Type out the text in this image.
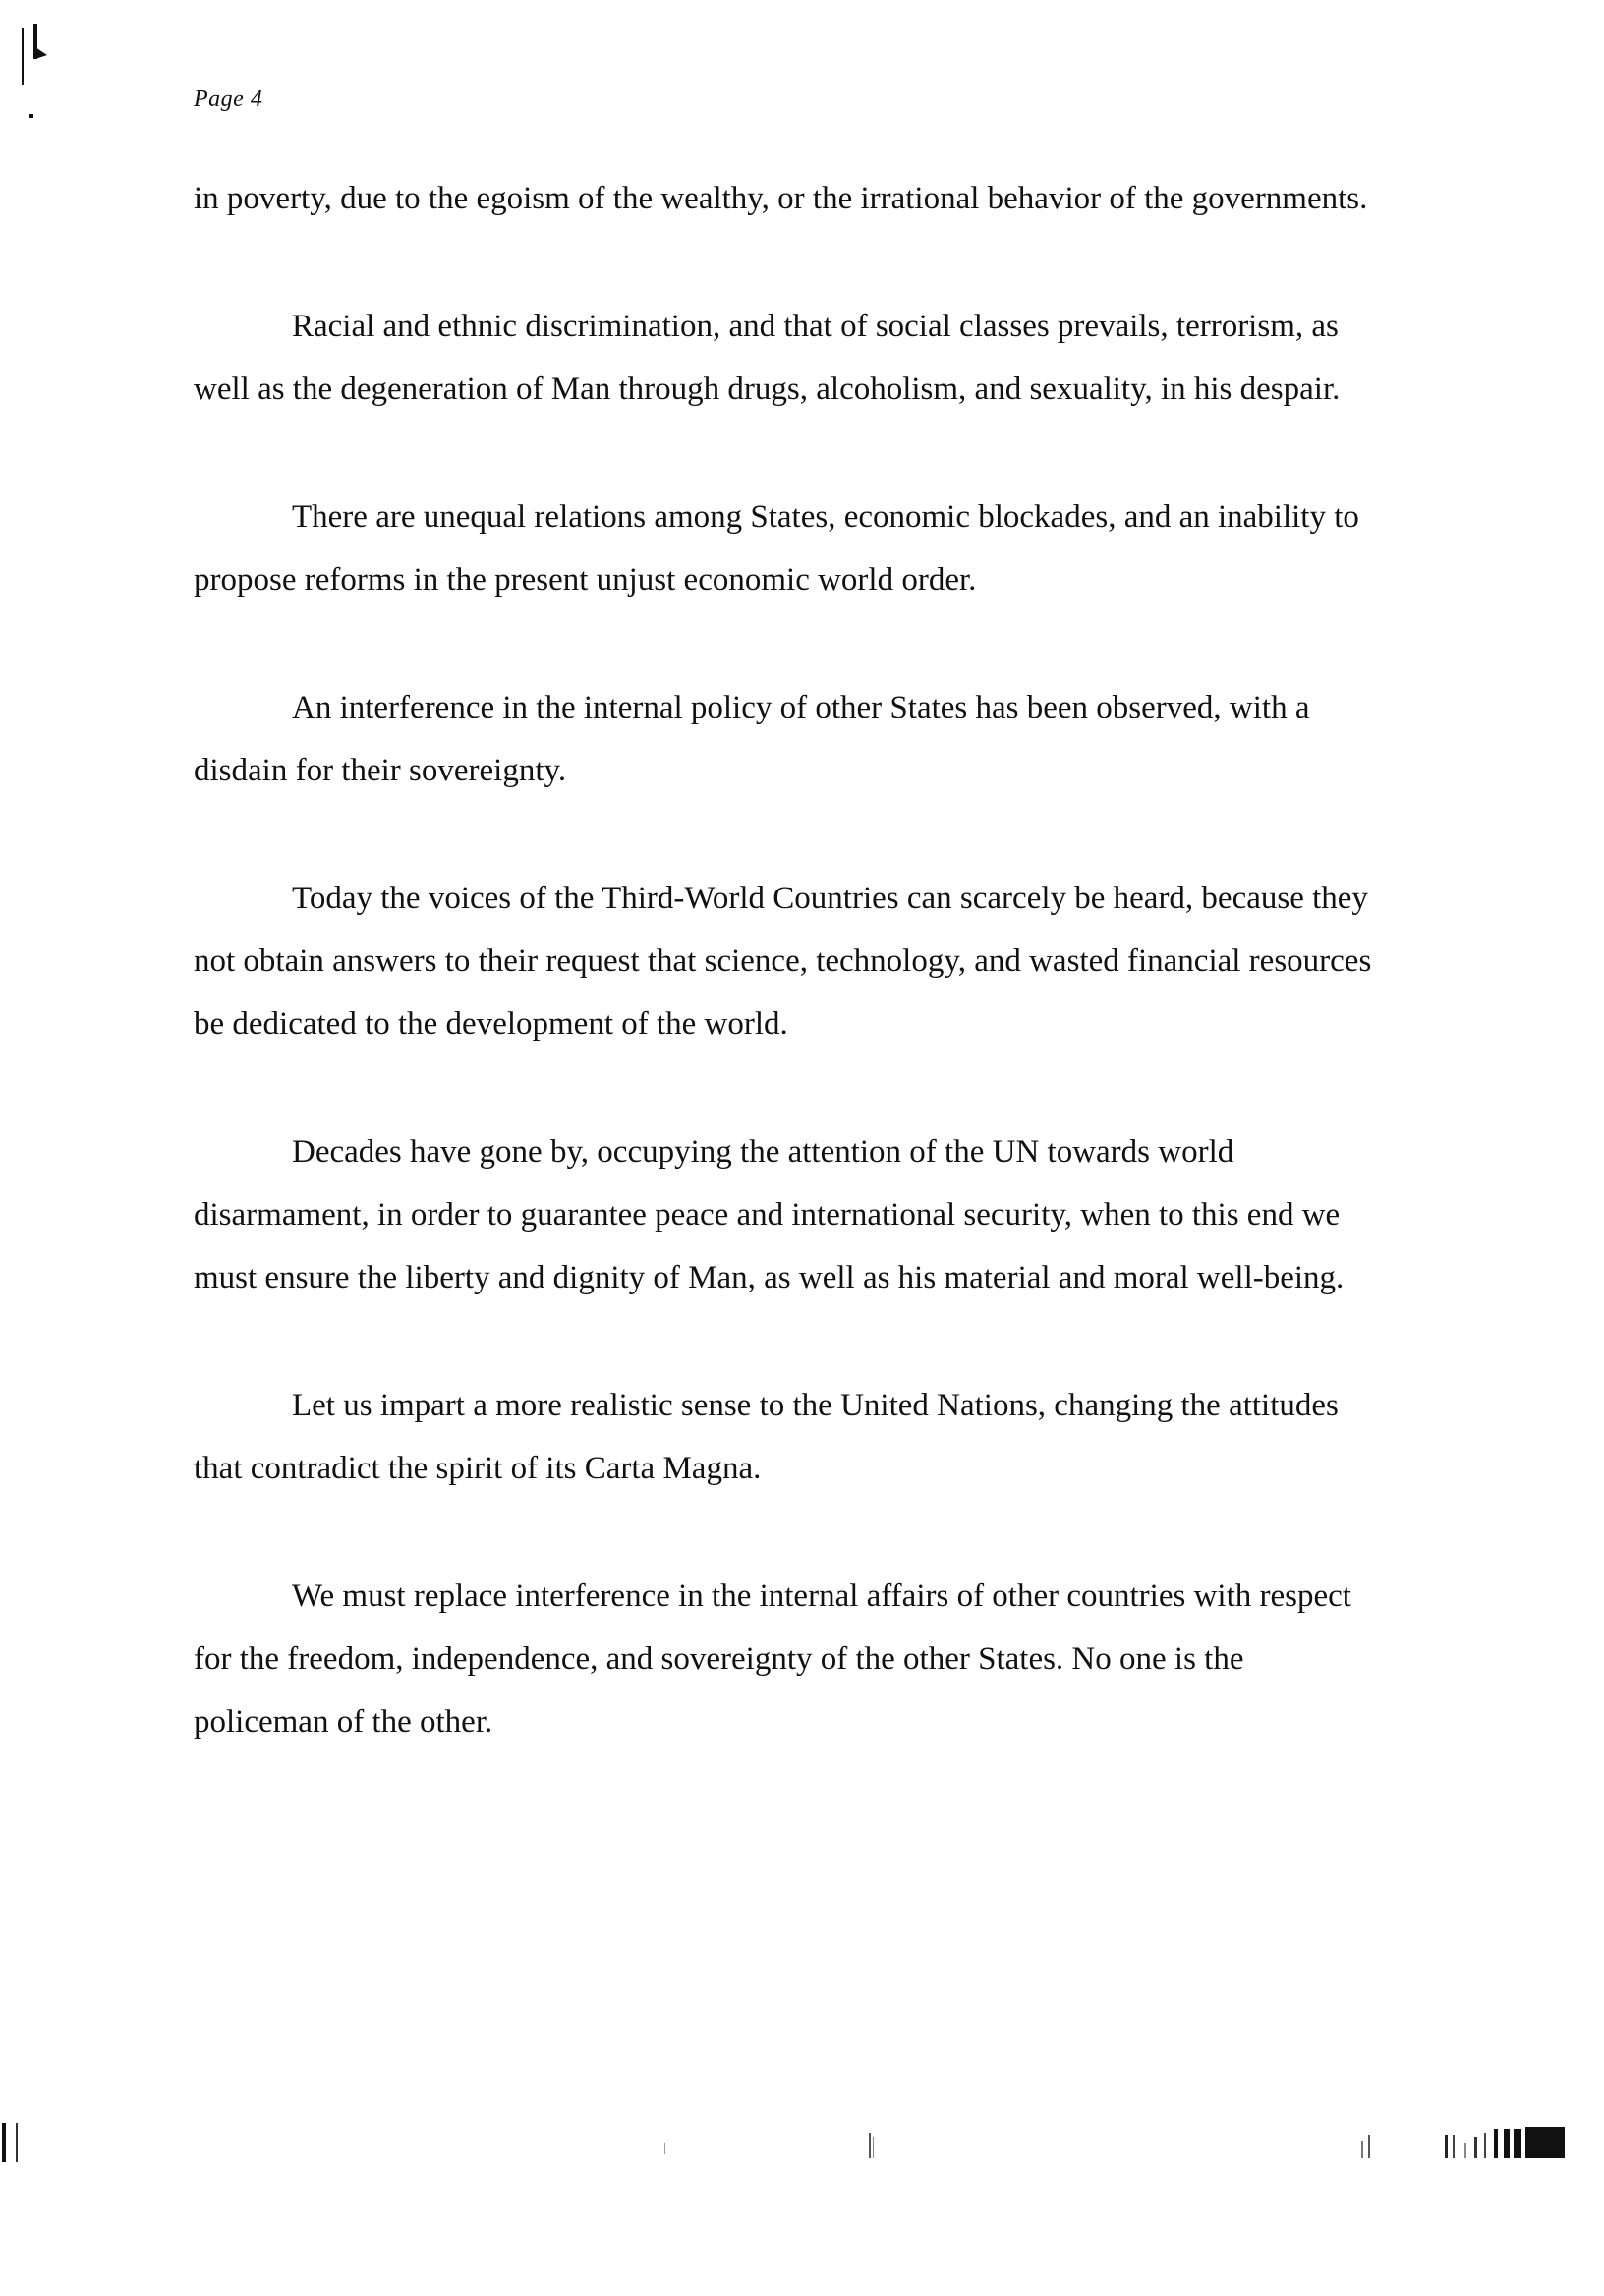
Page 4

in poverty, due to the egoism of the wealthy, or the irrational behavior of the governments.

Racial and ethnic discrimination, and that of social classes prevails, terrorism, as well as the degeneration of Man through drugs, alcoholism, and sexuality, in his despair.

There are unequal relations among States, economic blockades, and an inability to propose reforms in the present unjust economic world order.

An interference in the internal policy of other States has been observed, with a disdain for their sovereignty.

Today the voices of the Third-World Countries can scarcely be heard, because they not obtain answers to their request that science, technology, and wasted financial resources be dedicated to the development of the world.

Decades have gone by, occupying the attention of the UN towards world disarmament, in order to guarantee peace and international security, when to this end we must ensure the liberty and dignity of Man, as well as his material and moral well-being.

Let us impart a more realistic sense to the United Nations, changing the attitudes that contradict the spirit of its Carta Magna.

We must replace interference in the internal affairs of other countries with respect for the freedom, independence, and sovereignty of the other States. No one is the policeman of the other.
